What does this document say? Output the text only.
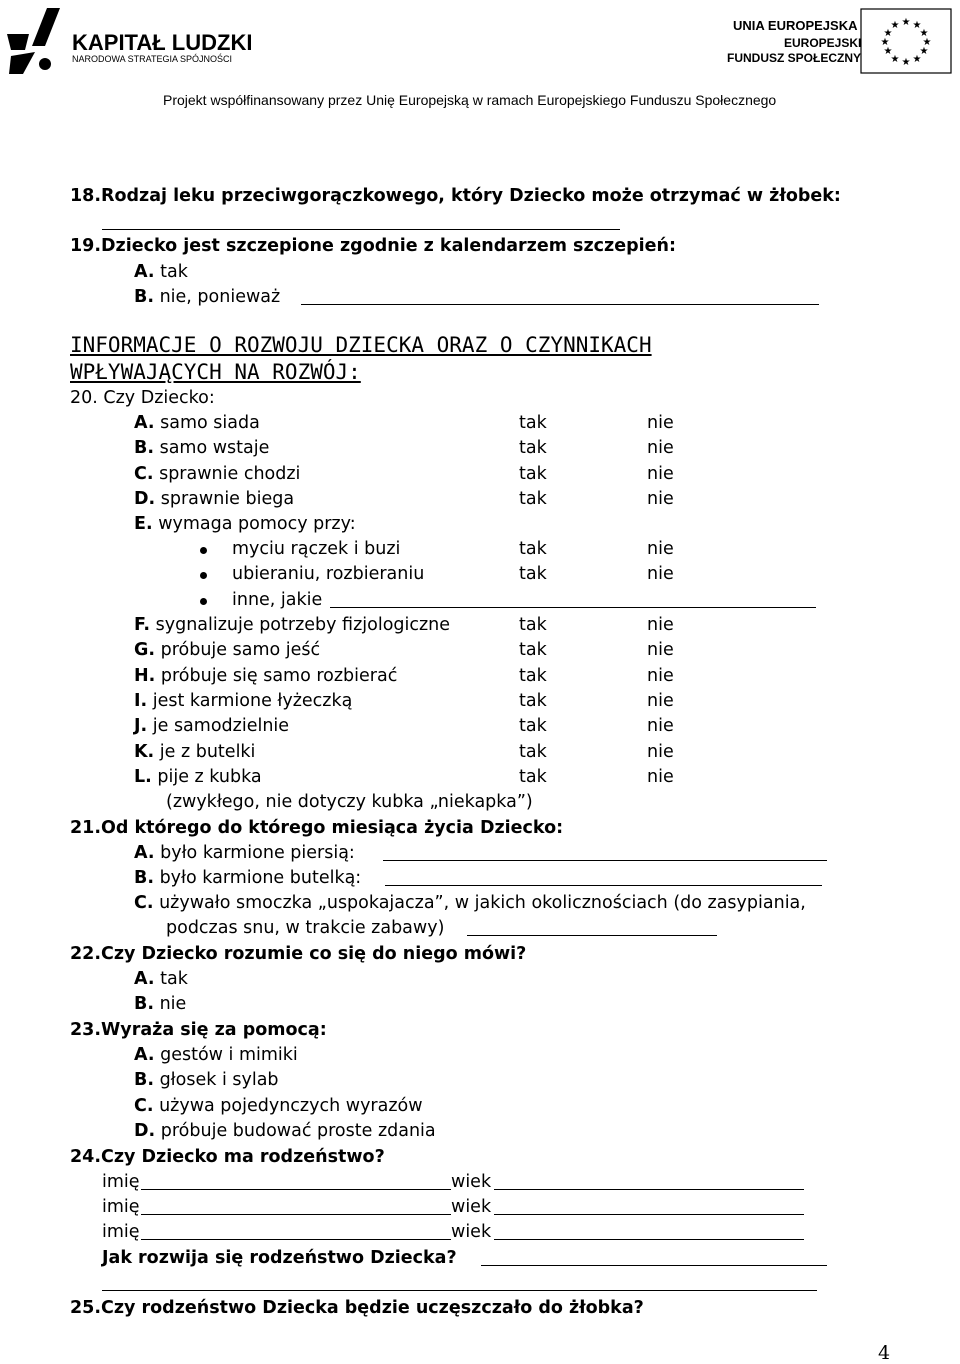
KAPITAŁ LUDZKI
NARODOWA STRATEGIA SPÓJNOŚCI
UNIA EUROPEJSKA
EUROPEJSKI
FUNDUSZ SPOŁECZNY
★ ★
★
★
★
★
★
★
★
★
★
★
Projekt współfinansowany przez Unię Europejską w ramach Europejskiego Funduszu Społecznego
18.Rodzaj leku przeciwgorączkowego, który Dziecko może otrzymać w żłobek:
19.Dziecko jest szczepione zgodnie z kalendarzem szczepień:
A. tak
B. nie, ponieważ
INFORMACJE O ROZWOJU DZIECKA ORAZ O CZYNNIKACH
WPŁYWAJĄCYCH NA ROZWÓJ:
20. Czy Dziecko:
A. samo siada	tak	nie
B. samo wstaje	tak	nie
C. sprawnie chodzi	tak	nie
D. sprawnie biega	tak	nie
E. wymaga pomocy przy:
myciu rączek i buzi	tak	nie
ubieraniu, rozbieraniu	tak	nie
inne, jakie
F. sygnalizuje potrzeby fizjologiczne	tak	nie
G. próbuje samo jeść	tak	nie
H. próbuje się samo rozbierać	tak	nie
I. jest karmione łyżeczką	tak	nie
J. je samodzielnie	tak	nie
K. je z butelki	tak	nie
L. pije z kubka	tak	nie
(zwykłego, nie dotyczy kubka „niekapka”)
21.Od którego do którego miesiąca życia Dziecko:
A. było karmione piersią:
B. było karmione butelką:
C. używało smoczka „uspokajacza”, w jakich okolicznościach (do zasypiania,
podczas snu, w trakcie zabawy)
22.Czy Dziecko rozumie co się do niego mówi?
A. tak
B. nie
23.Wyraża się za pomocą:
A. gestów i mimiki
B. głosek i sylab
C. używa pojedynczych wyrazów
D. próbuje budować proste zdania
24.Czy Dziecko ma rodzeństwo?
imię	wiek
imię	wiek
imię	wiek
Jak rozwija się rodzeństwo Dziecka?
25.Czy rodzeństwo Dziecka będzie uczęszczało do żłobka?
4
